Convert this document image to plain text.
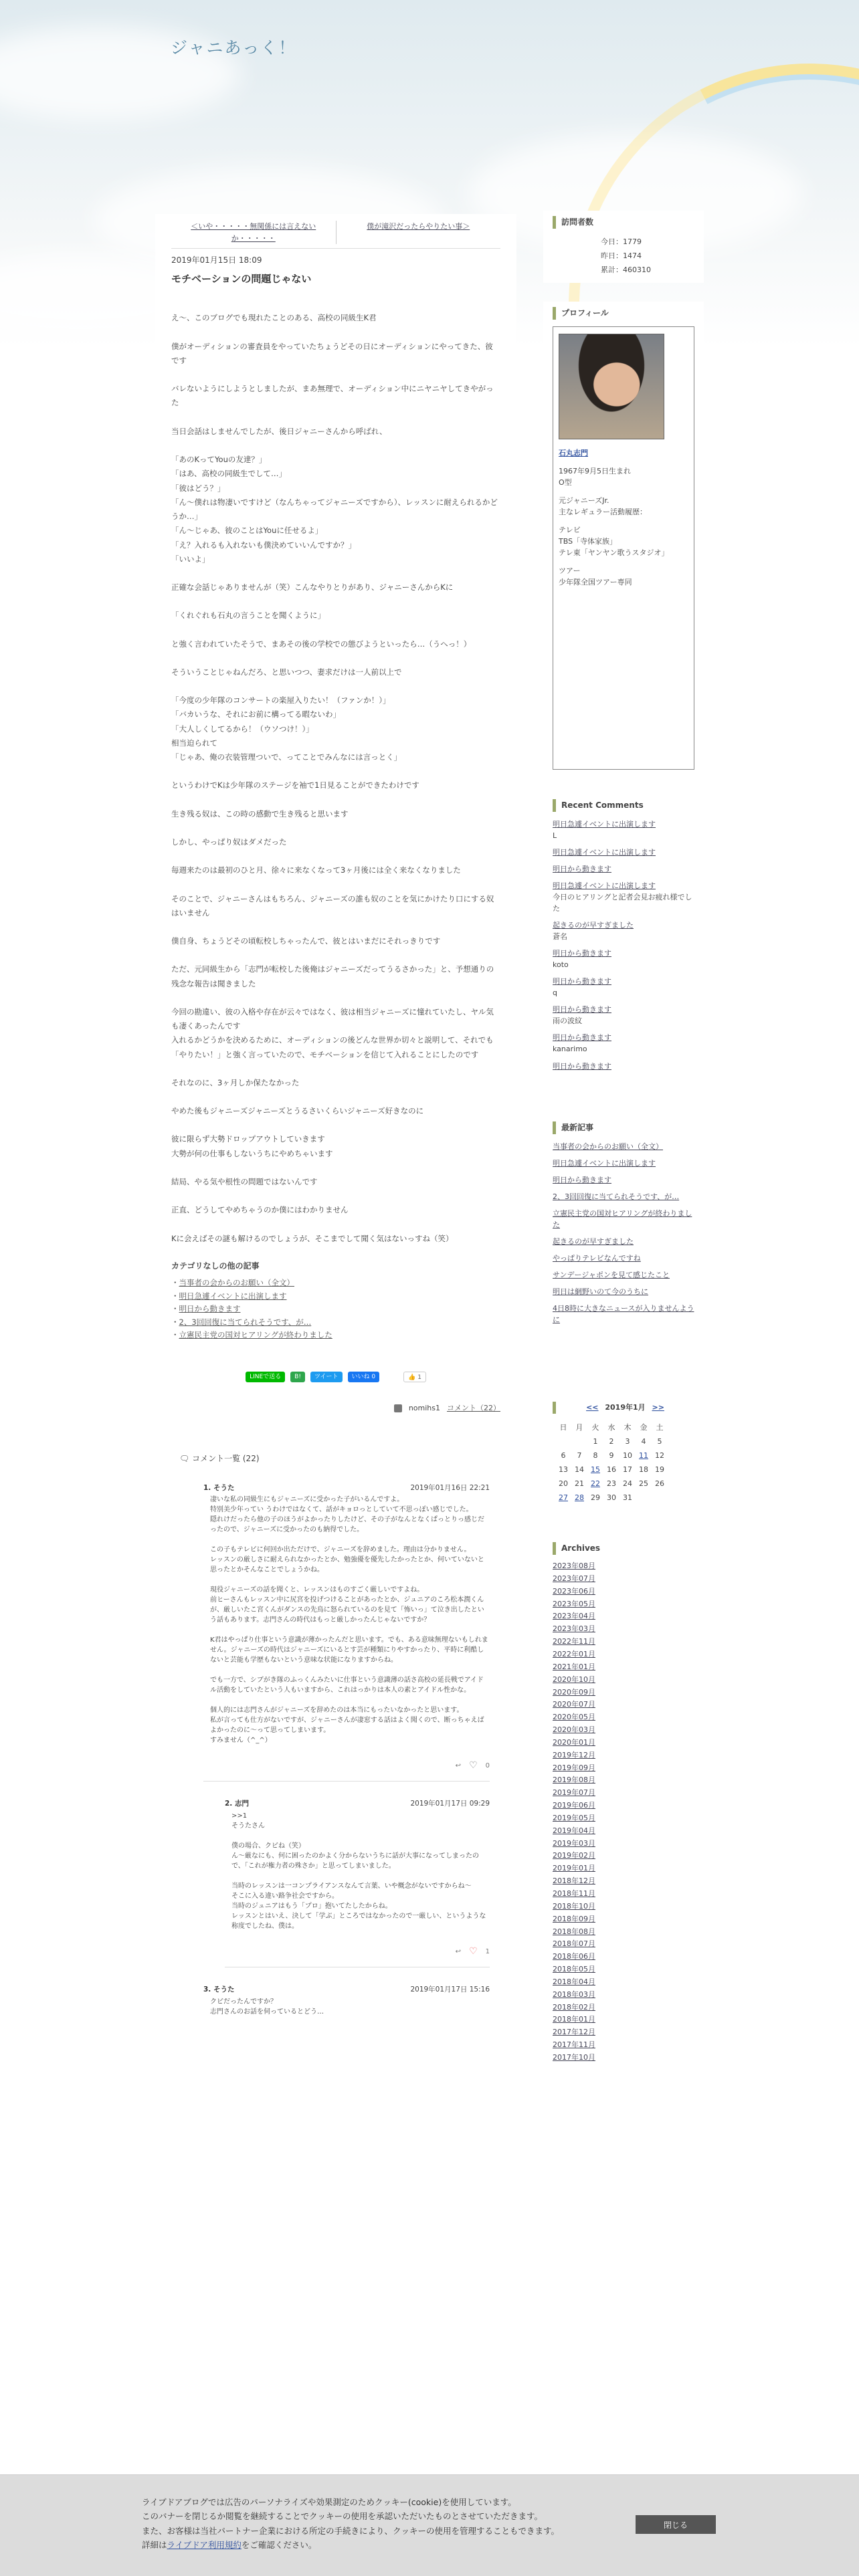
ジャニあっく！
＜いや・・・・・無関係には言えない か・・・・・
僕が滝沢だったらやりたい事＞
2019年01月15日 18:09
モチベーションの問題じゃない

え〜、このブログでも現れたことのある、高校の同級生K君

僕がオーディションの審査員をやっていたちょうどその日にオーディションにやってきた、彼です

バレないようにしようとしましたが、まあ無理で、オーディション中にニヤニヤしてきやがった

当日会話はしませんでしたが、後日ジャニーさんから呼ばれ、

「あのKってYouの友達？」
「はあ、高校の同級生でして…」
「彼はどう？」
「ん〜僕れは物凄いですけど（なんちゃってジャニーズですから）、レッスンに耐えられるかどうか…」
「ん〜じゃあ、彼のことはYouに任せるよ」
「え？入れるも入れないも僕決めていいんですか？」
「いいよ」

正確な会話じゃありませんが（笑）こんなやりとりがあり、ジャニーさんからKに

「くれぐれも石丸の言うことを聞くように」

と強く言われていたそうで、まあその後の学校での態びようといったら…（うへっ！）

そういうことじゃねんだろ、と思いつつ、妻求だけは一人前以上で

「今度の少年隊のコンサートの楽屋入りたい！（ファンか！）」
「バカいうな、それにお前に構ってる暇ないわ」
「大人しくしてるから！（ウソつけ！）」
相当迫られて
「じゃあ、俺の衣装管理ついで、ってことでみんなには言っとく」

というわけでKは少年隊のステージを袖で1日見ることができたわけです

生き残る奴は、この時の感動で生き残ると思います

しかし、やっぱり奴はダメだった

毎週来たのは最初のひと月、徐々に来なくなって3ヶ月後には全く来なくなりました

そのことで、ジャニーさんはもちろん、ジャニーズの誰も奴のことを気にかけたり口にする奴はいません

僕自身、ちょうどその頃転校しちゃったんで、彼とはいまだにそれっきりです

ただ、元同級生から「志門が転校した後俺はジャニーズだってうるさかった」と、予想通りの残念な報告は聞きました

今回の勘違い、彼の入格や存在が云々ではなく、彼は相当ジャニーズに憧れていたし、ヤル気も凄くあったんです
入れるかどうかを決めるために、オーディションの後どんな世界か切々と説明して、それでも「やりたい！」と強く言っていたので、モチベーションを信じて入れることにしたのです

それなのに、3ヶ月しか保たなかった

やめた後もジャニーズジャニーズとうるさいくらいジャニーズ好きなのに

彼に限らず大勢ドロップアウトしていきます
大勢が何の仕事もしないうちにやめちゃいます

結局、やる気や根性の問題ではないんです

正直、どうしてやめちゃうのか僕にはわかりません

Kに会えばその謎も解けるのでしょうが、そこまでして聞く気はないっすね（笑）

カテゴリなしの他の記事
・当事者の会からのお願い（全文）
・明日急遽イベントに出演します
・明日から動きます
・2、3回回復に当てられそうです、が…
・立憲民主党の国対ヒアリングが終わりました
LINEで送る	B!	ツイート	いいね 0	👍 1
nomihs1 コメント（22）
🗨 コメント一覧 (22)
1. そうた	2019年01月16日 22:21
凄いな私の同級生にもジャニーズに受かった子がいるんですよ。
特別美少年ってい うわけではなくて、話がキョロっとしていて不思っぽい感じでした。
隠れけだったら他の子のほうがよかったりしたけど、その子がなんとなくぱっとりっ感じだったので、ジャニーズに受かったのも納得でした。

この子もテレビに何回か出ただけで、ジャニーズを辞めました。理由は分かりません。
レッスンの厳しさに耐えられなかったとか、勉強優を優先したかったとか、何いていないと思ったとかそんなことでしょうかね。

現役ジャニーズの話を聞くと、レッスンはものすごく厳しいですよね。
前ヒーさんもレッスン中に尻宮を投げつけることがあったとか、ジュニアのころ松本潤くんが、厳しいたこ宮くんがダンスの先鳥に怒られているのを見て「怖いっ」て泣き出したという話もあります。志門さんの時代はもっと厳しかったんじゃないですか？

K君はやっぱり仕事という意識が薄かったんだと思います。でも、ある意味無理ないもしれません。ジャニーズの時代はジャニーズにいるとす芸が種類にりやすかったり、平時に利酷しないと芸能も学歴もないという意味な状能になりますからね。

でも一方で、シブがき隊のふっくんみたいに仕事という意識薄の話さ高校の延長戦でアイドル活動をしていたという人もいますから、これはっかりは本人の素とアイドル性かな。

個人的には志門さんがジャニーズを辞めたのは本当にもったいなかったと思います。
私が言っても仕方がないですが、ジャニーさんが凄窓する話はよく聞くので、断っちゃえばよかったのに〜って思ってしまいます。
すみません（^_^）
↩ ♡ 0
2. 志門	2019年01月17日 09:29
>>1
そうたさん

僕の場合、クビね（笑）
ん〜厳なにも、何に困ったのかよく分からないうちに話が大事になってしまったので、「これが権力者の殊さか」と思ってしまいました。

当時のレッスンは一コンプライアンスなんて言葉、いや概念がないですからね〜
そこに入る違い路争社会ですから。
当時のジュニアはもう「プロ」抱いてたしたからね。
レッスンとはいえ、決して「学ぶ」ところではなかったので一厳しい、というような称度でしたね、僕は。
↩ ♡ 1
3. そうた	2019年01月17日 15:16
クビだったんですか？
志門さんのお話を伺っているとどう…
訪問者数
今日：1779
昨日：1474
累計：460310
プロフィール
石丸志門

1967年9月5日生まれ
O型

元ジャニーズJr.
主なレギュラー活動履歴：

テレビ
TBS「寺体家族」
テレ東「ヤンヤン歌うスタジオ」

ツアー
少年隊全国ツアー専同

Recent Comments
明日急遽イベントに出演します
L
明日急遽イベントに出演します
明日から動きます
明日急遽イベントに出演します
今日のヒアリングと記者会見お疲れ様でした
起きるのが早すぎました
蒼名
明日から動きます
koto
明日から動きます
q
明日から動きます
雨の波紋
明日から動きます
kanarimo
明日から動きます
最新記事
当事者の会からのお願い（全文）
明日急遽イベントに出演します
明日から動きます
2、3回回復に当てられそうです、が…
立憲民主党の国対ヒアリングが終わりました
起きるのが早すぎました
やっぱりテレビなんですね
サンデージャポンを見て感じたこと
明日は網野いのて今のうちに
4日8時に大きなニュースが入りませんように
<< 2019年1月 >>
日	月	火	水	木	金	土
		1	2	3	4	5
6	7	8	9	10	11	12
13	14	15	16	17	18	19
20	21	22	23	24	25	26
27	28	29	30	31		
Archives
2023年08月
2023年07月
2023年06月
2023年05月
2023年04月
2023年03月
2022年11月
2022年01月
2021年01月
2020年10月
2020年09月
2020年07月
2020年05月
2020年03月
2020年01月
2019年12月
2019年09月
2019年08月
2019年07月
2019年06月
2019年05月
2019年04月
2019年03月
2019年02月
2019年01月
2018年12月
2018年11月
2018年10月
2018年09月
2018年08月
2018年07月
2018年06月
2018年05月
2018年04月
2018年03月
2018年02月
2018年01月
2017年12月
2017年11月
2017年10月
ライブドアブログでは広告のパーソナライズや効果測定のためクッキー(cookie)を使用しています。
このバナーを閉じるか閲覧を継続することでクッキーの使用を承認いただいたものとさせていただきます。
また、お客様は当社パートナー企業における所定の手続きにより、クッキーの使用を管理することもできます。
詳細はライブドア利用規約をご確認ください。
閉じる
